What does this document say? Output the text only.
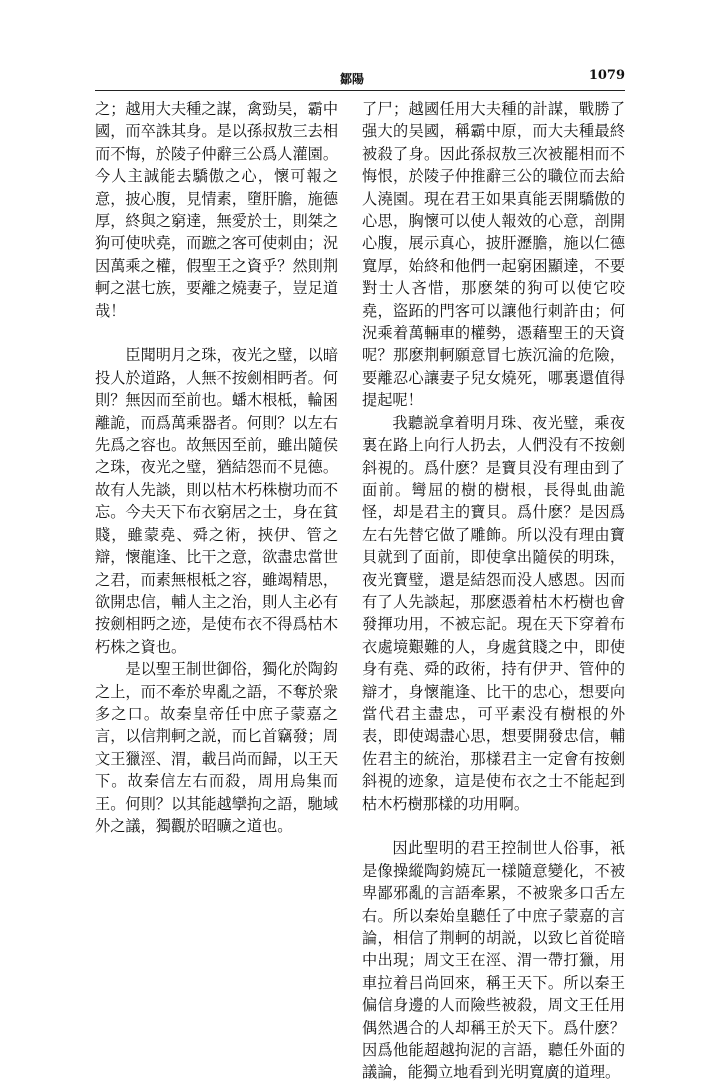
鄒陽	1079

之；越用大夫種之謀，禽勁吴，霸中國，而卒誅其身。是以孫叔敖三去相而不悔，於陵子仲辭三公爲人灌園。今人主誠能去驕傲之心，懷可報之意，披心腹，見情素，墮肝膽，施德厚，終與之窮達，無愛於士，則桀之狗可使吠堯，而蹠之客可使刺由；況因萬乘之權，假聖王之資乎？然則荆軻之湛七族，要離之燒妻子，豈足道哉！

臣聞明月之珠，夜光之璧，以暗投人於道路，人無不按劍相眄者。何則？無因而至前也。蟠木根柢，輪囷離詭，而爲萬乘器者。何則？以左右先爲之容也。故無因至前，雖出隨侯之珠，夜光之璧，猶結怨而不見德。故有人先談，則以枯木朽株樹功而不忘。今夫天下布衣窮居之士，身在貧賤，雖蒙堯、舜之術，挾伊、管之辯，懷龍逢、比干之意，欲盡忠當世之君，而素無根柢之容，雖竭精思，欲開忠信，輔人主之治，則人主必有按劍相眄之迹，是使布衣不得爲枯木朽株之資也。

是以聖王制世御俗，獨化於陶鈞之上，而不牽於卑亂之語，不奪於衆多之口。故秦皇帝任中庶子蒙嘉之言，以信荆軻之説，而匕首竊發；周文王獵涇、渭，載吕尚而歸，以王天下。故秦信左右而殺，周用烏集而王。何則？以其能越攣拘之語，馳域外之議，獨觀於昭曠之道也。

了尸；越國任用大夫種的計謀，戰勝了强大的吴國，稱霸中原，而大夫種最終被殺了身。因此孫叔敖三次被罷相而不悔恨，於陵子仲推辭三公的職位而去給人澆園。現在君王如果真能丟開驕傲的心思，胸懷可以使人報效的心意，剖開心腹，展示真心，披肝瀝膽，施以仁德寬厚，始終和他們一起窮困顯達，不要對士人吝惜，那麽桀的狗可以使它咬堯，盜跖的門客可以讓他行刺許由；何況乘着萬輛車的權勢，憑藉聖王的天資呢？那麽荆軻願意冒七族沉淪的危險，要離忍心讓妻子兒女燒死，哪裏還值得提起呢！

我聽説拿着明月珠、夜光璧，乘夜裏在路上向行人扔去，人們没有不按劍斜視的。爲什麽？是寶貝没有理由到了面前。彎屈的樹的樹根，長得虬曲詭怪，却是君主的寶貝。爲什麽？是因爲左右先替它做了雕飾。所以没有理由寶貝就到了面前，即使拿出隨侯的明珠，夜光寶璧，還是結怨而没人感恩。因而有了人先談起，那麽憑着枯木朽樹也會發揮功用，不被忘記。現在天下穿着布衣處境艱難的人，身處貧賤之中，即使身有堯、舜的政術，持有伊尹、管仲的辯才，身懷龍逢、比干的忠心，想要向當代君主盡忠，可平素没有樹根的外表，即使竭盡心思，想要開發忠信，輔佐君主的統治，那樣君主一定會有按劍斜視的迹象，這是使布衣之士不能起到枯木朽樹那樣的功用啊。

因此聖明的君王控制世人俗事，衹是像操縱陶鈞燒瓦一樣隨意變化，不被卑鄙邪亂的言語牽累，不被衆多口舌左右。所以秦始皇聽任了中庶子蒙嘉的言論，相信了荆軻的胡説，以致匕首從暗中出現；周文王在涇、渭一帶打獵，用車拉着吕尚回來，稱王天下。所以秦王偏信身邊的人而險些被殺，周文王任用偶然遇合的人却稱王於天下。爲什麽？因爲他能超越拘泥的言語，聽任外面的議論，能獨立地看到光明寬廣的道理。
